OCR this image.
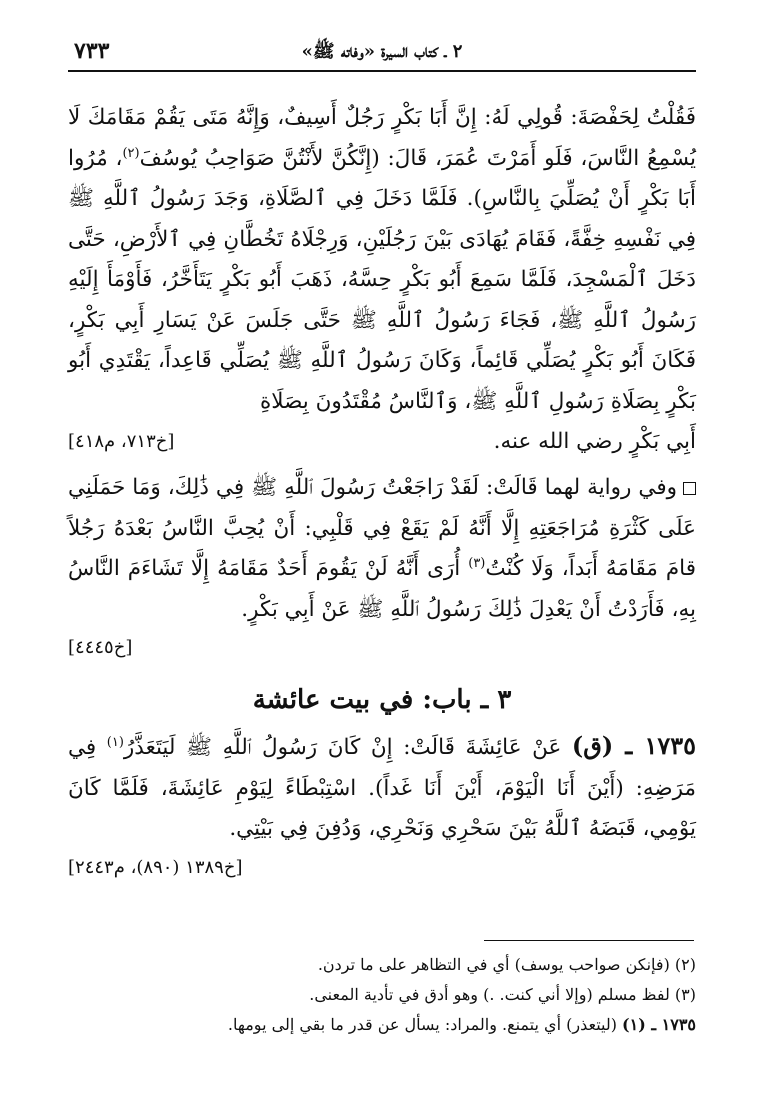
٧٣٣	٢ ـ كتاب السيرة «وفاته ﷺ»

فَقُلْتُ لِحَفْصَةَ: قُولِي لَهُ: إِنَّ أَبَا بَكْرٍ رَجُلٌ أَسِيفٌ، وَإِنَّهُ مَتَى يَقُمْ مَقَامَكَ لَا يُسْمِعُ النَّاسَ، فَلَو أَمَرْتَ عُمَرَ، قَالَ: (إِنَّكُنَّ لأَنْتُنَّ صَوَاحِبُ يُوسُفَ$^{(٢)}$، مُرُوا أَبَا بَكْرٍ أَنْ يُصَلِّيَ بِالنَّاسِ). فَلَمَّا دَخَلَ فِي ٱلصَّلَاةِ، وَجَدَ رَسُولُ ٱللَّهِ ﷺ فِي نَفْسِهِ خِفَّةً، فَقَامَ يُهَادَى بَيْنَ رَجُلَيْنِ، وَرِجْلَاهُ تَخُطَّانِ فِي ٱلأَرْضِ، حَتَّى دَخَلَ ٱلْمَسْجِدَ، فَلَمَّا سَمِعَ أَبُو بَكْرٍ حِسَّهُ، ذَهَبَ أَبُو بَكْرٍ يَتَأَخَّرُ، فَأَوْمَأَ إِلَيْهِ رَسُولُ ٱللَّهِ ﷺ، فَجَاءَ رَسُولُ ٱللَّهِ ﷺ حَتَّى جَلَسَ عَنْ يَسَارِ أَبِي بَكْرٍ، فَكَانَ أَبُو بَكْرٍ يُصَلِّي قَائِماً، وَكَانَ رَسُولُ ٱللَّهِ ﷺ يُصَلِّي قَاعِداً، يَقْتَدِي أَبُو بَكْرٍ بِصَلَاةِ رَسُولِ ٱللَّهِ ﷺ، وَٱلنَّاسُ مُقْتَدُونَ بِصَلَاةِ

أَبِي بَكْرٍ رضي الله عنه.
[خ٧١٣، م٤١٨]

وفي رواية لهما قَالَتْ: لَقَدْ رَاجَعْتُ رَسُولَ ٱللَّهِ ﷺ فِي ذَٰلِكَ، وَمَا حَمَلَنِي عَلَى كَثْرَةِ مُرَاجَعَتِهِ إِلَّا أَنَّهُ لَمْ يَقَعْ فِي قَلْبِي: أَنْ يُحِبَّ النَّاسُ بَعْدَهُ رَجُلاً قامَ مَقَامَهُ أَبَداً، وَلَا كُنْتُ$^{(٣)}$ أُرَى أَنَّهُ لَنْ يَقُومَ أَحَدٌ مَقَامَهُ إِلَّا تَشَاءَمَ النَّاسُ بِهِ، فَأَرَدْتُ أَنْ يَعْدِلَ ذَٰلِكَ رَسُولُ ٱللَّهِ ﷺ عَنْ أَبِي بَكْرٍ.

[خ٤٤٤٥]
٣ ـ باب: في بيت عائشة

١٧٣٥ ـ (ق) عَنْ عَائِشَةَ قَالَتْ: إِنْ كَانَ رَسُولُ ٱللَّهِ ﷺ لَيَتَعَذَّرُ$^{(١)}$ فِي مَرَضِهِ: (أَيْنَ أَنَا الْيَوْمَ، أَيْنَ أَنَا غَداً). اسْتِبْطَاءً لِيَوْمِ عَائِشَةَ، فَلَمَّا كَانَ يَوْمِي، قَبَضَهُ ٱللَّهُ بَيْنَ سَحْرِي وَنَحْرِي، وَدُفِنَ فِي بَيْتِي.

[خ١٣٨٩ (٨٩٠)، م٢٤٤٣]

(٢) (فإنكن صواحب يوسف) أي في التظاهر على ما تردن.

(٣) لفظ مسلم (وإلا أني كنت. .) وهو أدق في تأدية المعنى.

١٧٣٥ ـ (١) (ليتعذر) أي يتمنع. والمراد: يسأل عن قدر ما بقي إلى يومها.
